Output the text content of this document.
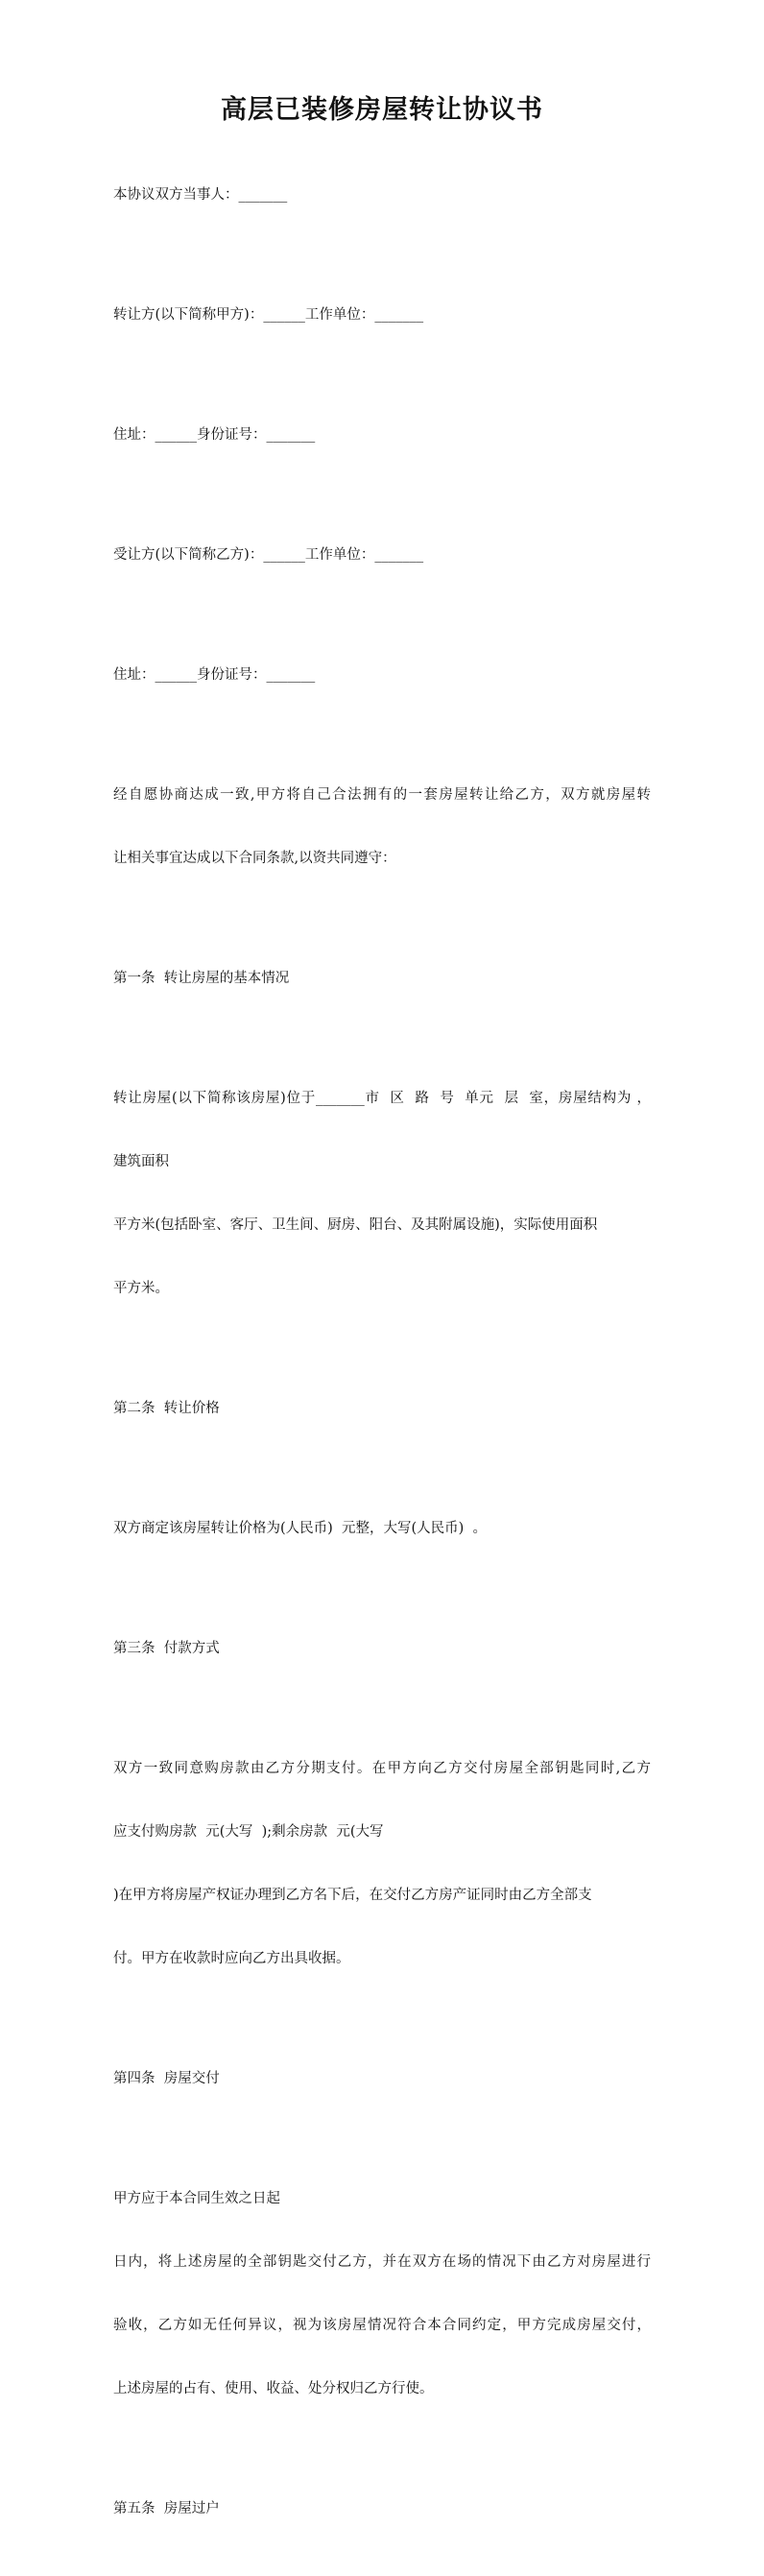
高层已装修房屋转让协议书

本协议双方当事人：_______

转让方(以下简称甲方)：______工作单位：_______

住址：______身份证号：_______

受让方(以下简称乙方)：______工作单位：_______

住址：______身份证号：_______

经自愿协商达成一致,甲方将自己合法拥有的一套房屋转让给乙方，双方就房屋转

让相关事宜达成以下合同条款,以资共同遵守：

第一条  转让房屋的基本情况

转让房屋(以下简称该房屋)位于_______市  区  路  号  单元  层  室，房屋结构为 ，

建筑面积

平方米(包括卧室、客厅、卫生间、厨房、阳台、及其附属设施)，实际使用面积

平方米。

第二条  转让价格

双方商定该房屋转让价格为(人民币)  元整，大写(人民币)  。

第三条  付款方式

双方一致同意购房款由乙方分期支付。在甲方向乙方交付房屋全部钥匙同时,乙方

应支付购房款  元(大写  );剩余房款  元(大写

)在甲方将房屋产权证办理到乙方名下后，在交付乙方房产证同时由乙方全部支

付。甲方在收款时应向乙方出具收据。

第四条  房屋交付

甲方应于本合同生效之日起

日内，将上述房屋的全部钥匙交付乙方，并在双方在场的情况下由乙方对房屋进行

验收，乙方如无任何异议，视为该房屋情况符合本合同约定，甲方完成房屋交付，

上述房屋的占有、使用、收益、处分权归乙方行使。

第五条  房屋过户
